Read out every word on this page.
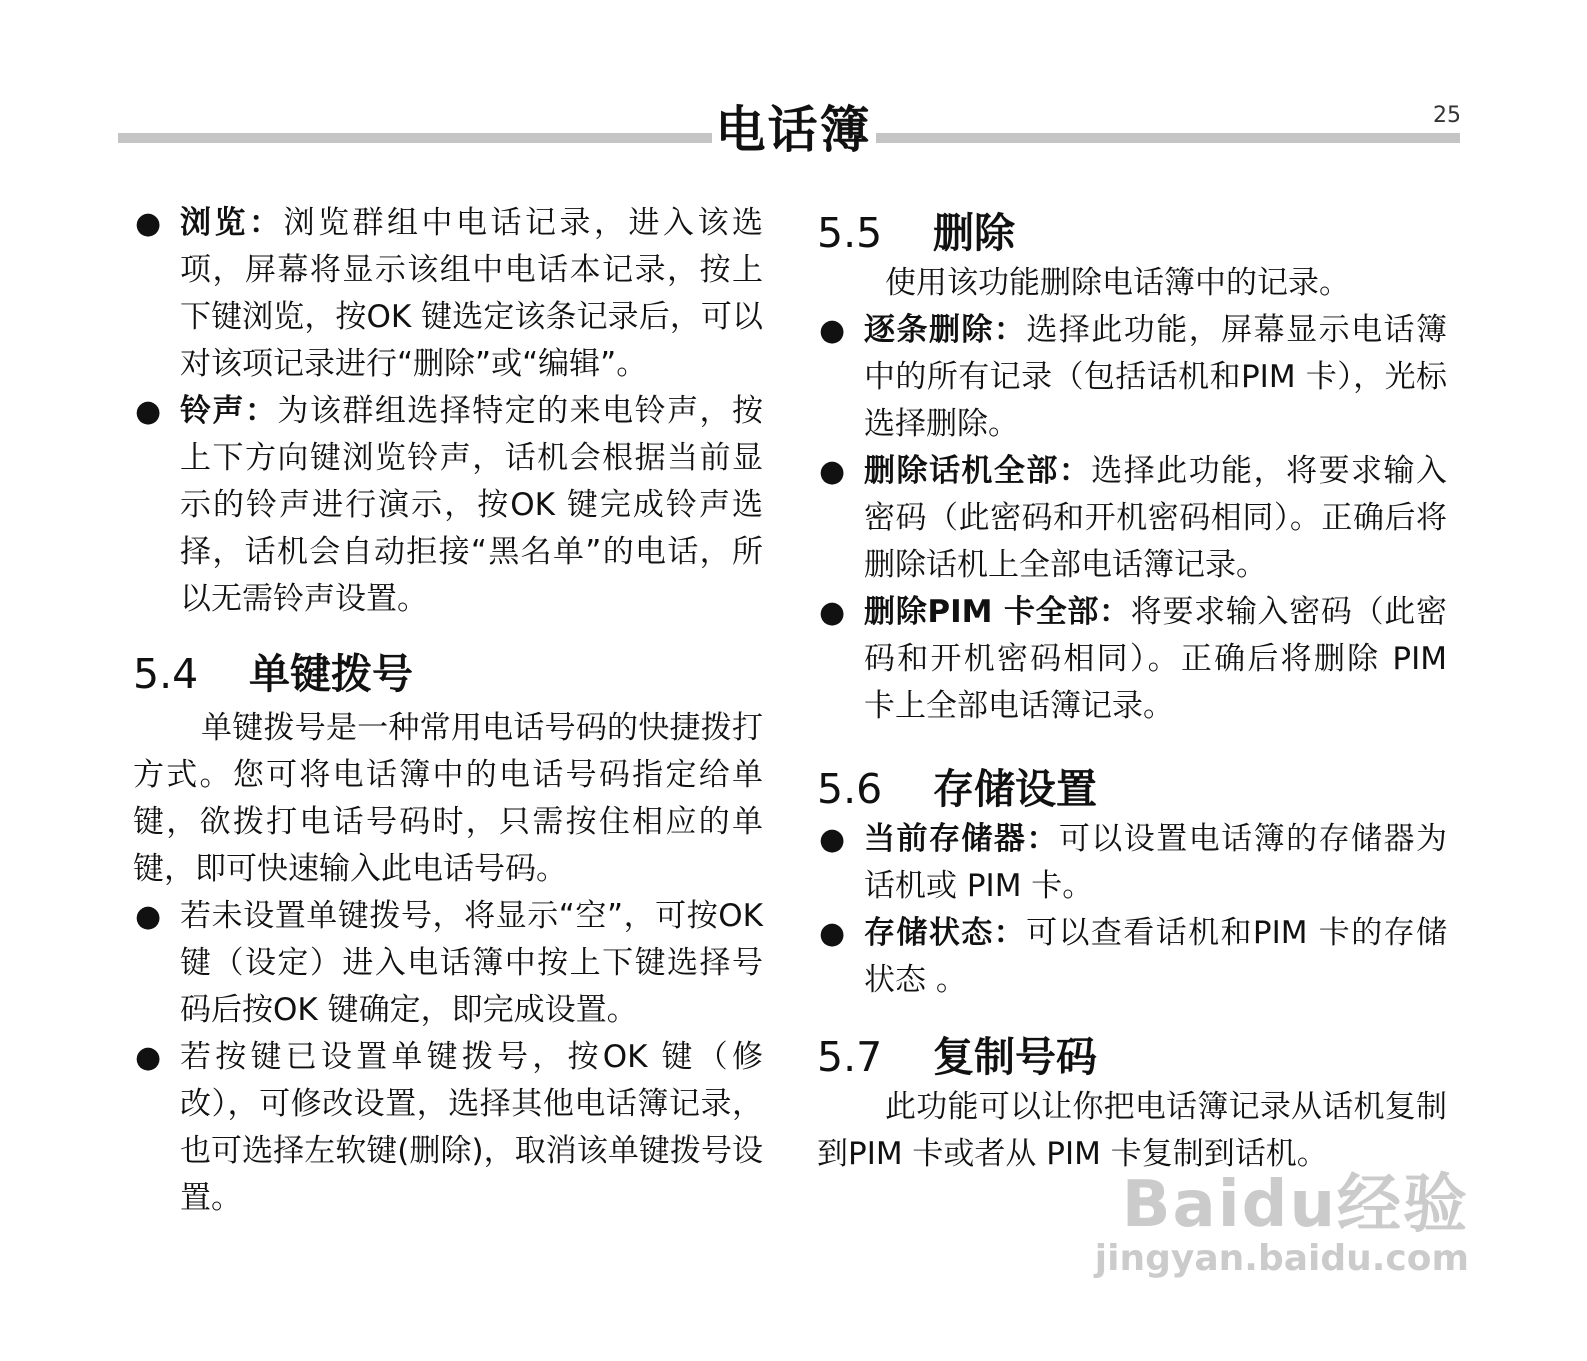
电话簿	25
● 浏览：浏览群组中电话记录，进入该选项，屏幕将显示该组中电话本记录，按上下键浏览，按OK 键选定该条记录后，可以对该项记录进行“删除”或“编辑”。
● 铃声：为该群组选择特定的来电铃声，按上下方向键浏览铃声，话机会根据当前显示的铃声进行演示，按OK 键完成铃声选择，话机会自动拒接“黑名单”的电话，所以无需铃声设置。
5.4 单键拨号
单键拨号是一种常用电话号码的快捷拨打方式。您可将电话簿中的电话号码指定给单键，欲拨打电话号码时，只需按住相应的单键，即可快速输入此电话号码。
● 若未设置单键拨号，将显示“空”，可按OK 键（设定）进入电话簿中按上下键选择号码后按OK 键确定，即完成设置。
● 若按键已设置单键拨号，按OK 键（修改），可修改设置，选择其他电话簿记录，也可选择左软键(删除)，取消该单键拨号设置。
5.5 删除
使用该功能删除电话簿中的记录。
● 逐条删除：选择此功能，屏幕显示电话簿中的所有记录（包括话机和PIM 卡），光标选择删除。
● 删除话机全部：选择此功能，将要求输入密码（此密码和开机密码相同）。正确后将删除话机上全部电话簿记录。
● 删除PIM 卡全部：将要求输入密码（此密码和开机密码相同）。正确后将删除 PIM 卡上全部电话簿记录。
5.6 存储设置
● 当前存储器：可以设置电话簿的存储器为话机或 PIM 卡。
● 存储状态：可以查看话机和PIM 卡的存储状态 。
5.7 复制号码
此功能可以让你把电话簿记录从话机复制到PIM 卡或者从 PIM 卡复制到话机。
Baidu经验
jingyan.baidu.com
